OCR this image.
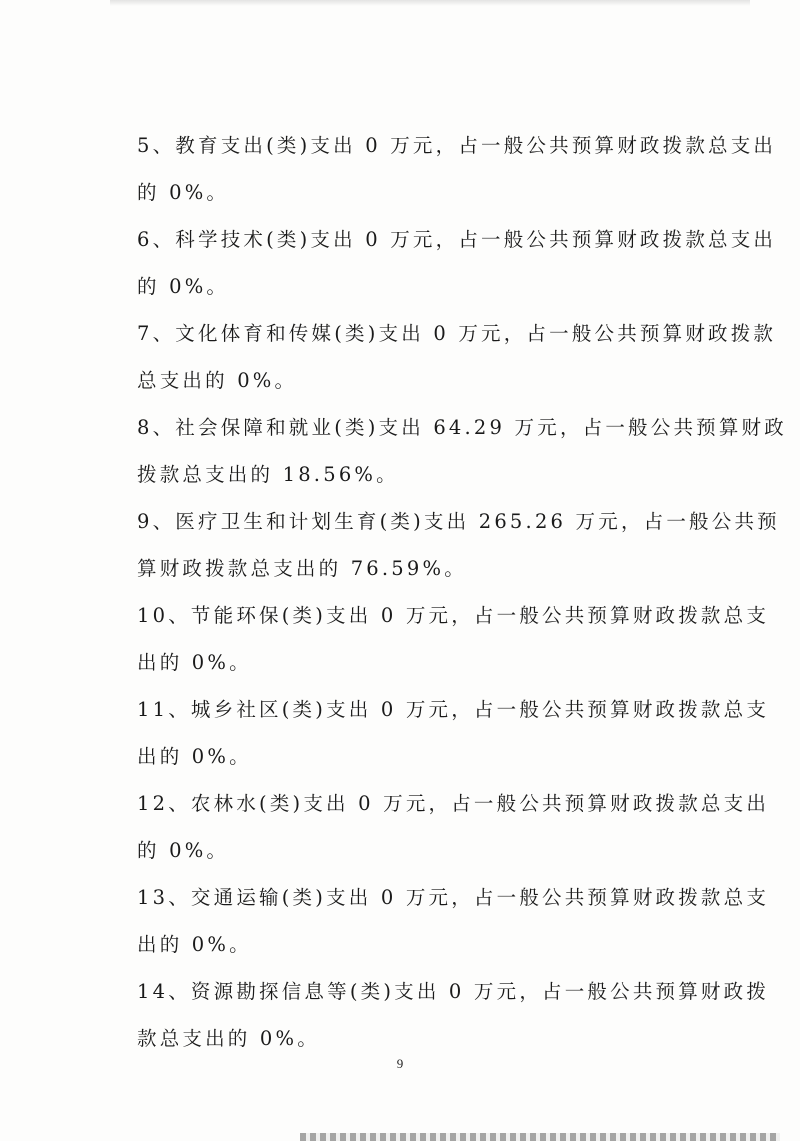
5、教育支出(类)支出 0 万元，占一般公共预算财政拨款总支出
的 0%。

6、科学技术(类)支出 0 万元，占一般公共预算财政拨款总支出
的 0%。

7、文化体育和传媒(类)支出 0 万元，占一般公共预算财政拨款
总支出的 0%。

8、社会保障和就业(类)支出 64.29 万元，占一般公共预算财政
拨款总支出的 18.56%。

9、医疗卫生和计划生育(类)支出 265.26 万元，占一般公共预
算财政拨款总支出的 76.59%。

10、节能环保(类)支出 0 万元，占一般公共预算财政拨款总支
出的 0%。

11、城乡社区(类)支出 0 万元，占一般公共预算财政拨款总支
出的 0%。

12、农林水(类)支出 0 万元，占一般公共预算财政拨款总支出
的 0%。

13、交通运输(类)支出 0 万元，占一般公共预算财政拨款总支
出的 0%。

14、资源勘探信息等(类)支出 0 万元，占一般公共预算财政拨
款总支出的 0%。

9
